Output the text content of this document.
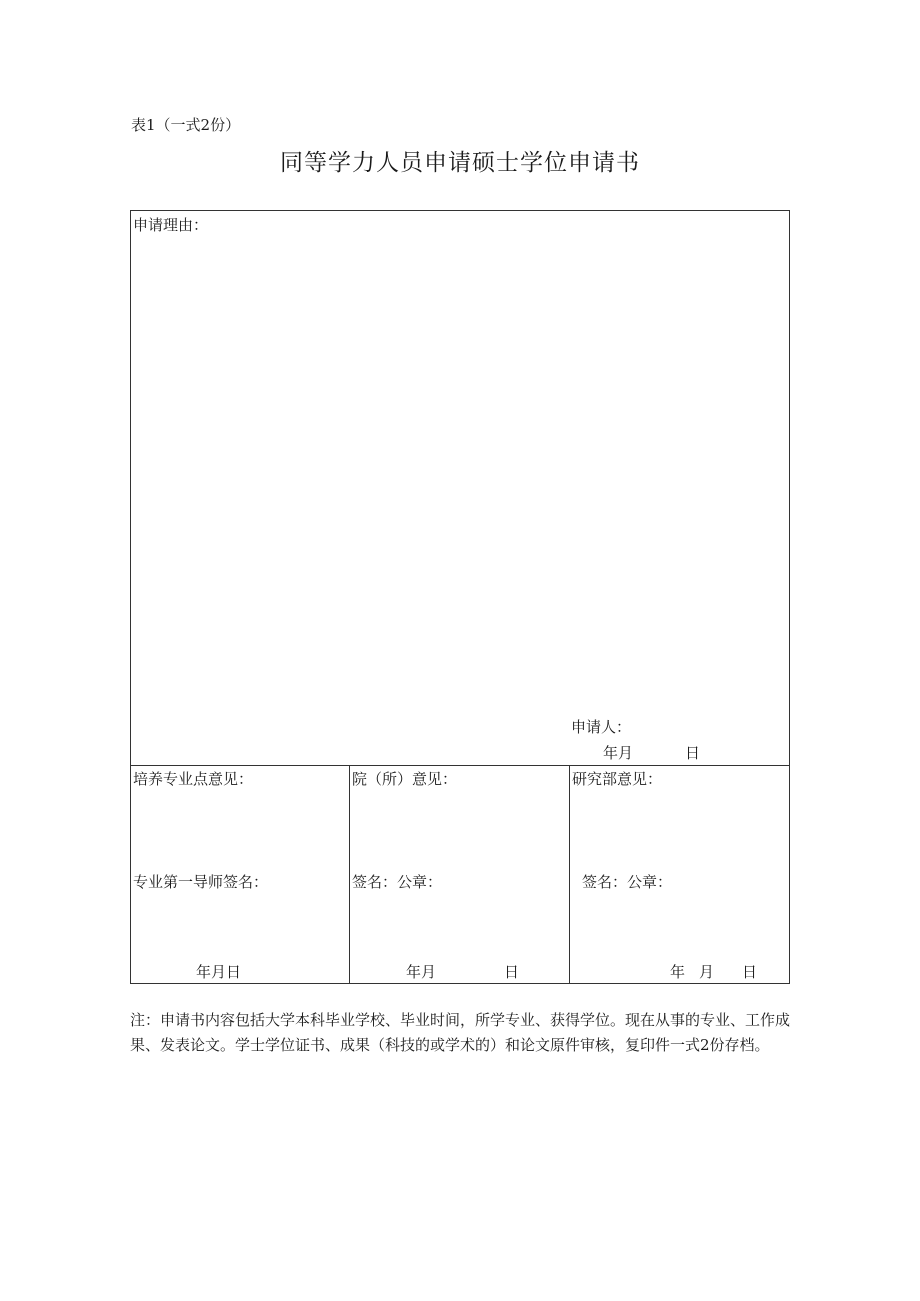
表1（一式2份）
同等学力人员申请硕士学位申请书
申请理由：
申请人：
年月	日
培养专业点意见：
专业第一导师签名：
年月日
院（所）意见：
签名：公章：
年月	日
研究部意见：
签名：公章：
年 月 日
注：申请书内容包括大学本科毕业学校、毕业时间，所学专业、获得学位。现在从事的专业、工作成果、发表论文。学士学位证书、成果（科技的或学术的）和论文原件审核，复印件一式2份存档。
